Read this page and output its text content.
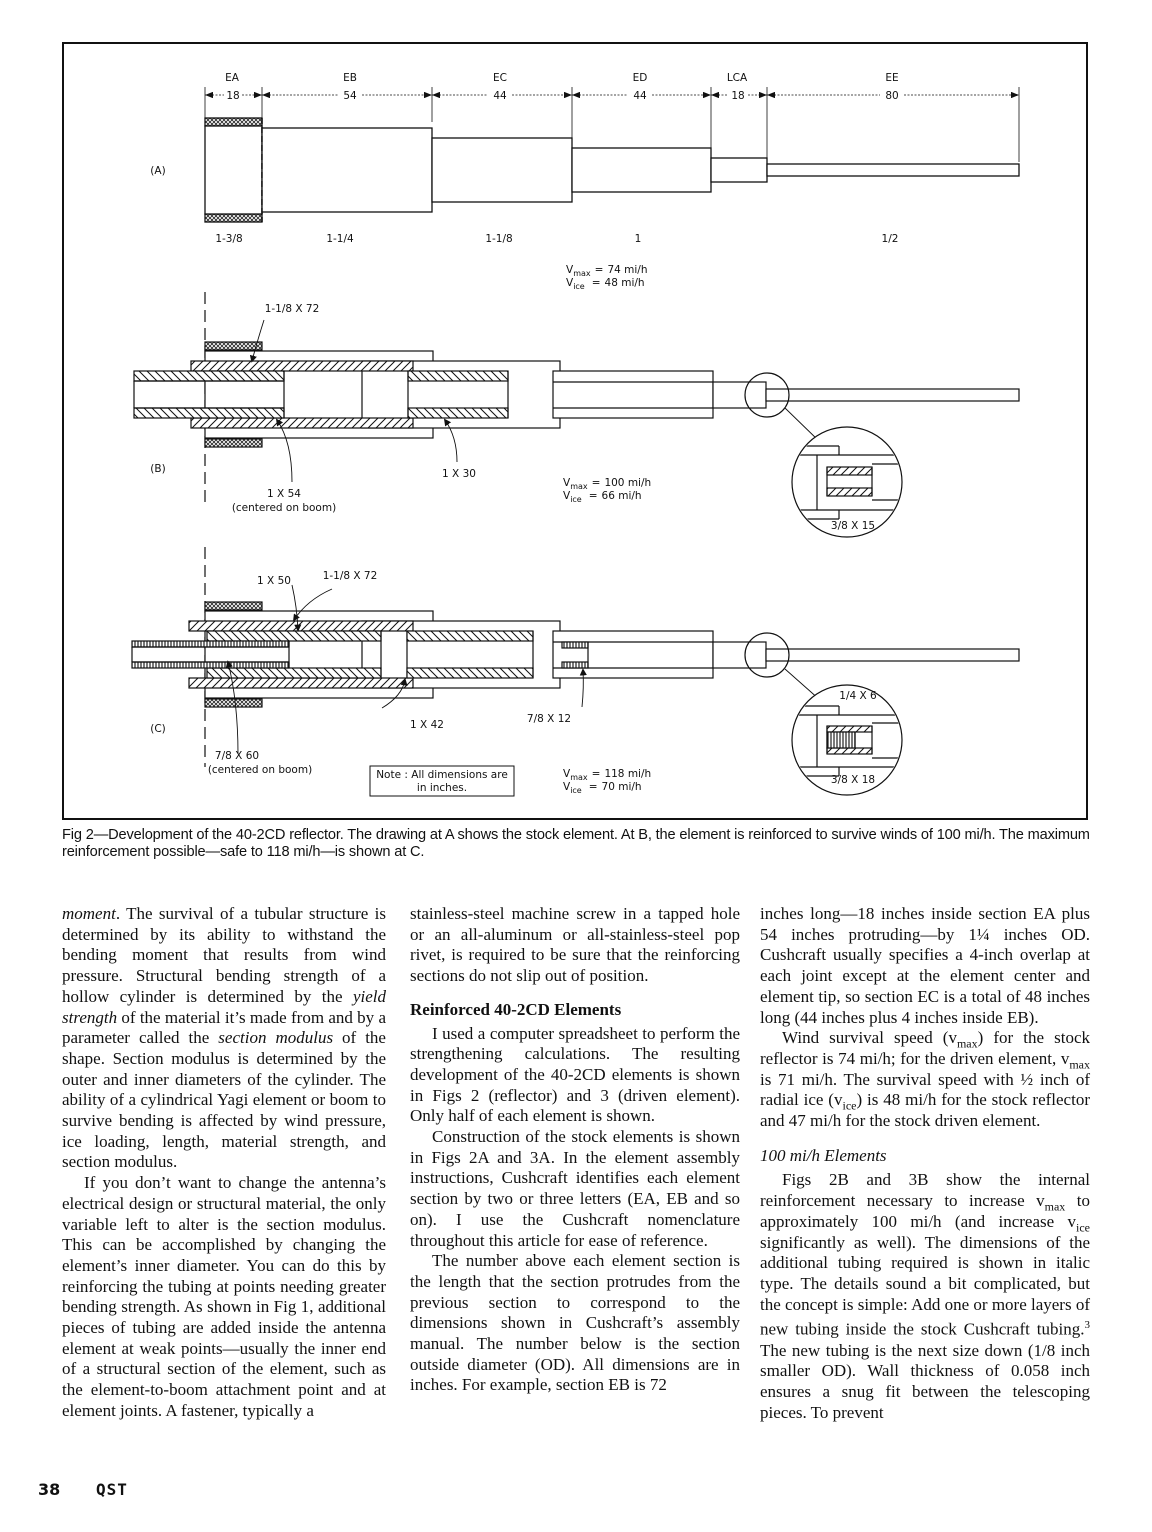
EA	EB	EC	ED	LCA	EE
18	54	44	44	18	80
(A)
1-3/8	1-1/4	1-1/8	1	1/2
$V_{max} = 74$ mi/h
$V_{ice} = 48$ mi/h
1-1/8 X 72
1 X 54
(centered on boom)
1 X 30
(B)
3/8 X 15
$V_{max} = 100$ mi/h
$V_{ice} = 66$ mi/h
1 X 50	1-1/8 X 72
7/8 X 60
(centered on boom)
1 X 42	7/8 X 12
(C)
1/4 X 6
3/8 X 18
Note : All dimensions are
in inches.
$V_{max} = 118$ mi/h
$V_{ice} = 70$ mi/h
Fig 2—Development of the 40-2CD reflector. The drawing at A shows the stock element. At B, the element is reinforced to survive winds of 100 mi/h. The maximum reinforcement possible—safe to 118 mi/h—is shown at C.

moment. The survival of a tubular structure is determined by its ability to withstand the bending moment that results from wind pressure. Structural bending strength of a hollow cylinder is determined by the yield strength of the material it’s made from and by a parameter called the section modulus of the shape. Section modulus is determined by the outer and inner diameters of the cylinder. The ability of a cylindrical Yagi element or boom to survive bending is affected by wind pressure, ice loading, length, material strength, and section modulus.

If you don’t want to change the antenna’s electrical design or structural material, the only variable left to alter is the section modulus. This can be accomplished by changing the element’s inner diameter. You can do this by reinforcing the tubing at points needing greater bending strength. As shown in Fig 1, additional pieces of tubing are added inside the antenna element at weak points—usually the inner end of a structural section of the element, such as the element-to-boom attachment point and at element joints. A fastener, typically a

stainless-steel machine screw in a tapped hole or an all-aluminum or all-stainless-steel pop rivet, is required to be sure that the reinforcing sections do not slip out of position.

Reinforced 40-2CD Elements

I used a computer spreadsheet to perform the strengthening calculations. The resulting development of the 40-2CD elements is shown in Figs 2 (reflector) and 3 (driven element). Only half of each element is shown.

Construction of the stock elements is shown in Figs 2A and 3A. In the element assembly instructions, Cushcraft identifies each element section by two or three letters (EA, EB and so on). I use the Cushcraft nomenclature throughout this article for ease of reference.

The number above each element section is the length that the section protrudes from the previous section to correspond to the dimensions shown in Cushcraft’s assembly manual. The number below is the section outside diameter (OD). All dimensions are in inches. For example, section EB is 72

inches long—18 inches inside section EA plus 54 inches protruding—by 1¼ inches OD. Cushcraft usually specifies a 4-inch overlap at each joint except at the element center and element tip, so section EC is a total of 48 inches long (44 inches plus 4 inches inside EB).

Wind survival speed $(v_{max})$ for the stock reflector is 74 mi/h; for the driven element, $v_{max}$ is 71 mi/h. The survival speed with ½ inch of radial ice $(v_{ice})$ is 48 mi/h for the stock reflector and 47 mi/h for the stock driven element.

100 mi/h Elements

Figs 2B and 3B show the internal reinforcement necessary to increase $v_{max}$ to approximately 100 mi/h (and increase $v_{ice}$ significantly as well). The dimensions of the additional tubing required is shown in italic type. The details sound a bit complicated, but the concept is simple: Add one or more layers of new tubing inside the stock Cushcraft tubing.$^3$ The new tubing is the next size down (1/8 inch smaller OD). Wall thickness of 0.058 inch ensures a snug fit between the telescoping pieces. To prevent

38 QST
